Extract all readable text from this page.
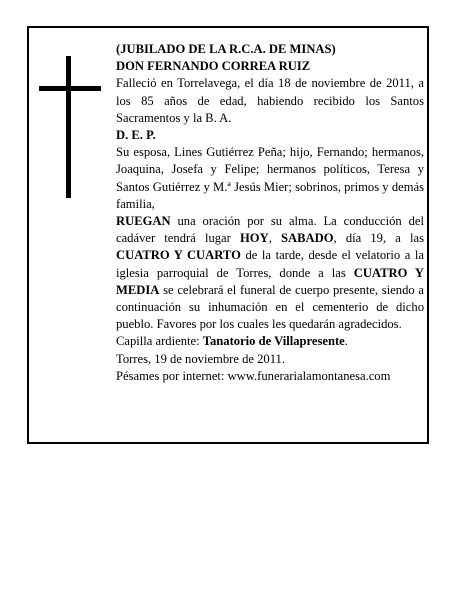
(JUBILADO DE LA R.C.A. DE MINAS)

DON FERNANDO CORREA RUIZ

Falleció en Torrelavega, el día 18 de noviembre de 2011, a los 85 años de edad, habiendo recibido los Santos Sacramentos y la B. A.

D. E. P.

Su esposa, Lines Gutiérrez Peña; hijo, Fernando; hermanos, Joaquina, Josefa y Felipe; hermanos políticos, Teresa y Santos Gutiérrez y M.ª Jesús Mier; sobrinos, primos y demás familia,

RUEGAN una oración por su alma. La conducción del cadáver tendrá lugar HOY, SABADO, día 19, a las CUATRO Y CUARTO de la tarde, desde el velatorio a la iglesia parroquial de Torres, donde a las CUATRO Y MEDIA se celebrará el funeral de cuerpo presente, siendo a continuación su inhumación en el cementerio de dicho pueblo. Favores por los cuales les quedarán agradecidos.

Capilla ardiente: Tanatorio de Villapresente.

Torres, 19 de noviembre de 2011.

Pésames por internet: www.funerarialamontanesa.com
